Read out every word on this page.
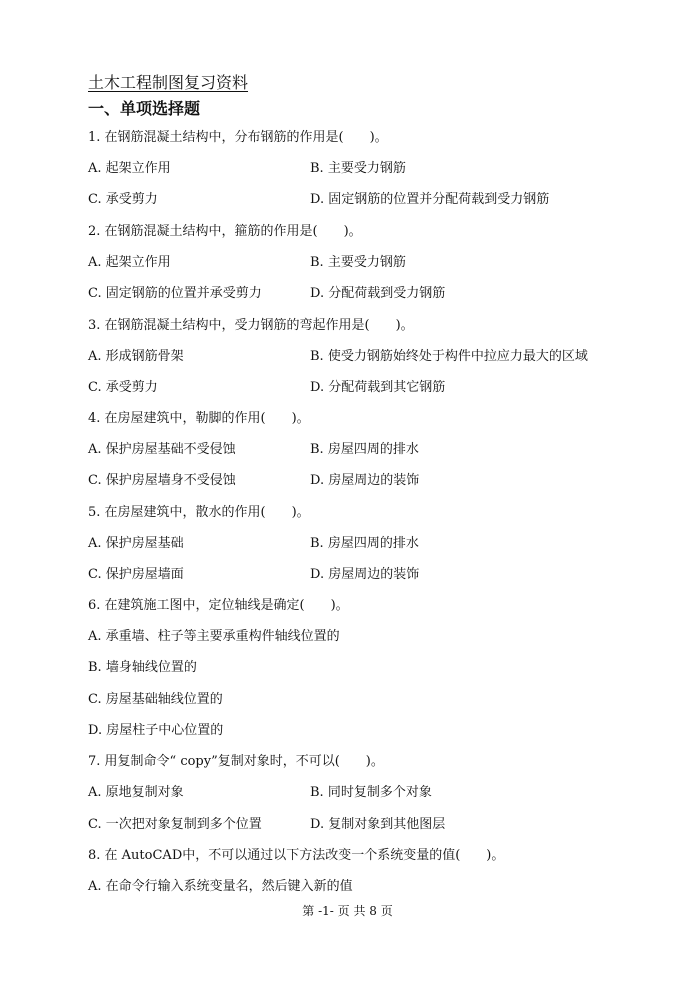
土木工程制图复习资料
一、单项选择题
1. 在钢筋混凝土结构中，分布钢筋的作用是(　　)。
A. 起架立作用	B. 主要受力钢筋
C. 承受剪力	D. 固定钢筋的位置并分配荷载到受力钢筋
2. 在钢筋混凝土结构中，箍筋的作用是(　　)。
A. 起架立作用	B. 主要受力钢筋
C. 固定钢筋的位置并承受剪力	D. 分配荷载到受力钢筋
3. 在钢筋混凝土结构中，受力钢筋的弯起作用是(　　)。
A. 形成钢筋骨架	B. 使受力钢筋始终处于构件中拉应力最大的区域
C. 承受剪力	D. 分配荷载到其它钢筋
4. 在房屋建筑中，勒脚的作用(　　)。
A. 保护房屋基础不受侵蚀	B. 房屋四周的排水
C. 保护房屋墙身不受侵蚀	D. 房屋周边的装饰
5. 在房屋建筑中，散水的作用(　　)。
A. 保护房屋基础	B. 房屋四周的排水
C. 保护房屋墙面	D. 房屋周边的装饰
6. 在建筑施工图中，定位轴线是确定(　　)。
A. 承重墙、柱子等主要承重构件轴线位置的
B. 墙身轴线位置的
C. 房屋基础轴线位置的
D. 房屋柱子中心位置的
7. 用复制命令“ copy”复制对象时，不可以(　　)。
A. 原地复制对象	B. 同时复制多个对象
C. 一次把对象复制到多个位置	D. 复制对象到其他图层
8. 在 AutoCAD中，不可以通过以下方法改变一个系统变量的值(　　)。
A. 在命令行输入系统变量名，然后键入新的值
第 -1- 页 共 8 页
